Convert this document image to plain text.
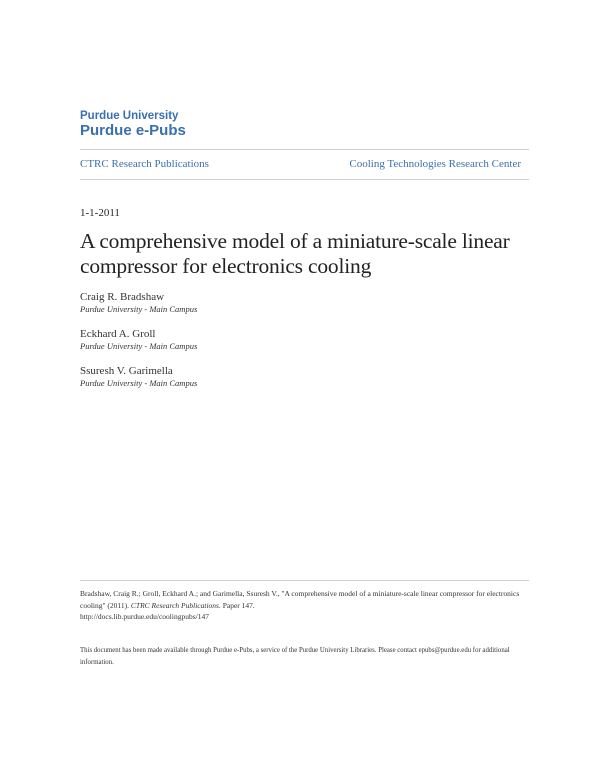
Purdue University
Purdue e-Pubs
CTRC Research Publications	Cooling Technologies Research Center
1-1-2011
A comprehensive model of a miniature-scale linear compressor for electronics cooling
Craig R. Bradshaw
Purdue University - Main Campus
Eckhard A. Groll
Purdue University - Main Campus
Ssuresh V. Garimella
Purdue University - Main Campus
Bradshaw, Craig R.; Groll, Eckhard A.; and Garimella, Ssuresh V., "A comprehensive model of a miniature-scale linear compressor for electronics cooling" (2011). CTRC Research Publications. Paper 147.
http://docs.lib.purdue.edu/coolingpubs/147
This document has been made available through Purdue e-Pubs, a service of the Purdue University Libraries. Please contact epubs@purdue.edu for additional information.
